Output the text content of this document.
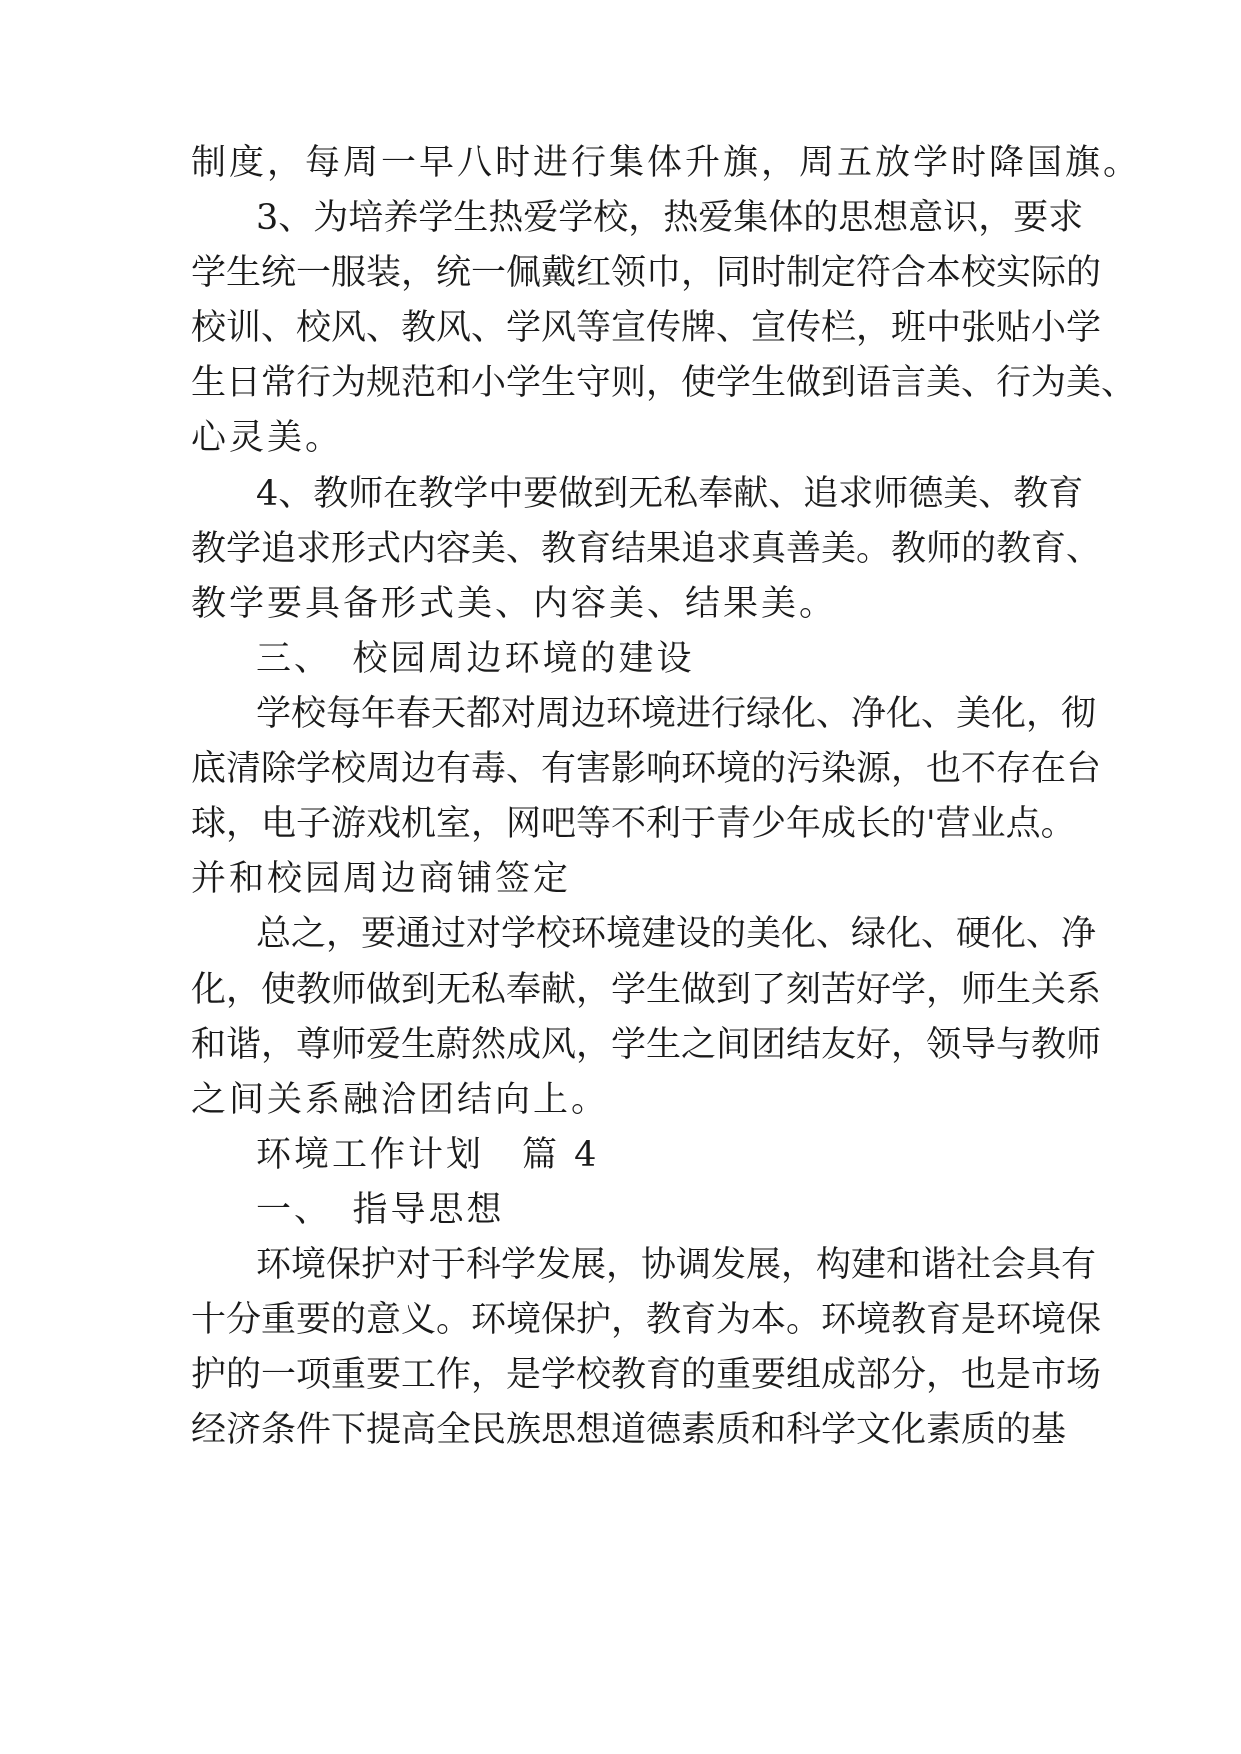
制度，每周一早八时进行集体升旗，周五放学时降国旗。

3、为培养学生热爱学校，热爱集体的思想意识，要求

学生统一服装，统一佩戴红领巾，同时制定符合本校实际的

校训、校风、教风、学风等宣传牌、宣传栏，班中张贴小学

生日常行为规范和小学生守则，使学生做到语言美、行为美、

心灵美。

4、教师在教学中要做到无私奉献、追求师德美、教育

教学追求形式内容美、教育结果追求真善美。教师的教育、

教学要具备形式美、内容美、结果美。

三、　校园周边环境的建设

学校每年春天都对周边环境进行绿化、净化、美化，彻

底清除学校周边有毒、有害影响环境的污染源，也不存在台

球，电子游戏机室，网吧等不利于青少年成长的'营业点。

并和校园周边商铺签定

总之，要通过对学校环境建设的美化、绿化、硬化、净

化，使教师做到无私奉献，学生做到了刻苦好学，师生关系

和谐，尊师爱生蔚然成风，学生之间团结友好，领导与教师

之间关系融洽团结向上。

环境工作计划　篇 4

一、　指导思想

环境保护对于科学发展，协调发展，构建和谐社会具有

十分重要的意义。环境保护，教育为本。环境教育是环境保

护的一项重要工作，是学校教育的重要组成部分，也是市场

经济条件下提高全民族思想道德素质和科学文化素质的基
